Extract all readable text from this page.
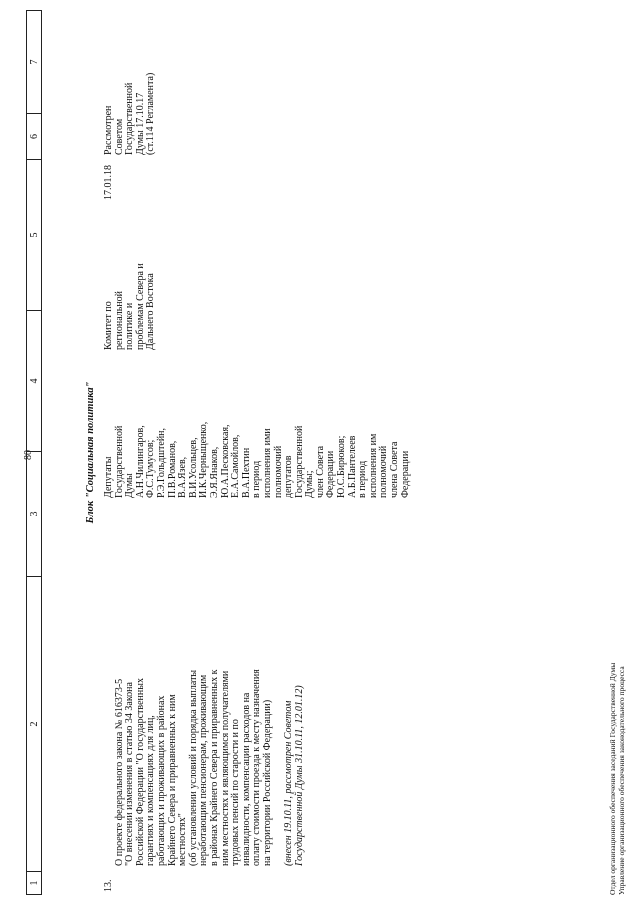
80
1
2
3
4
5
6
7
Блок "Социальная политика"
13.

О проекте федерального закона № 616373-5
"О внесении изменения в статью 34 Закона
Российской Федерации "О государственных
гарантиях и компенсациях для лиц,
работающих и проживающих в районах
Крайнего Севера и приравненных к ним
местностях"
(об установлении условий и порядка выплаты
неработающим пенсионерам, проживающим
в районах Крайнего Севера и приравненных к
ним местностях и являющимся получателями
трудовых пенсий по старости и по
инвалидности, компенсации расходов на
оплату стоимости проезда к месту назначения
на территории Российской Федерации)

(внесен 19.10.11, рассмотрен Советом
Государственной Думы 31.10.11, 12.01.12)

Депутаты
Государственной
Думы
А.Н.Чилингаров,
Ф.С.Тумусов;
Р.Э.Гольдштейн,
П.В.Романов,
В.А.Язев,
В.И.Усольцев,
И.К.Черныщенко,
Э.Я.Янаков,
Ю.А.Песковская,
Е.А.Самойлов,
В.А.Пехтин
в период
исполнения ими
полномочий
депутатов
Государственной
Думы;
член Совета
Федерации
Ю.С.Бирюков;
А.Б.Пантелеев
в период
исполнения им
полномочий
члена Совета
Федерации
Комитет по
региональной
политике и
проблемам Севера и
Дальнего Востока
17.01.18
Рассмотрен
Советом
Государственной
Думы 17.10.17
(ст.114 Регламента)
Отдел организационного обеспечения заседаний Государственной Думы
Управление организационного обеспечения законодательного процесса
